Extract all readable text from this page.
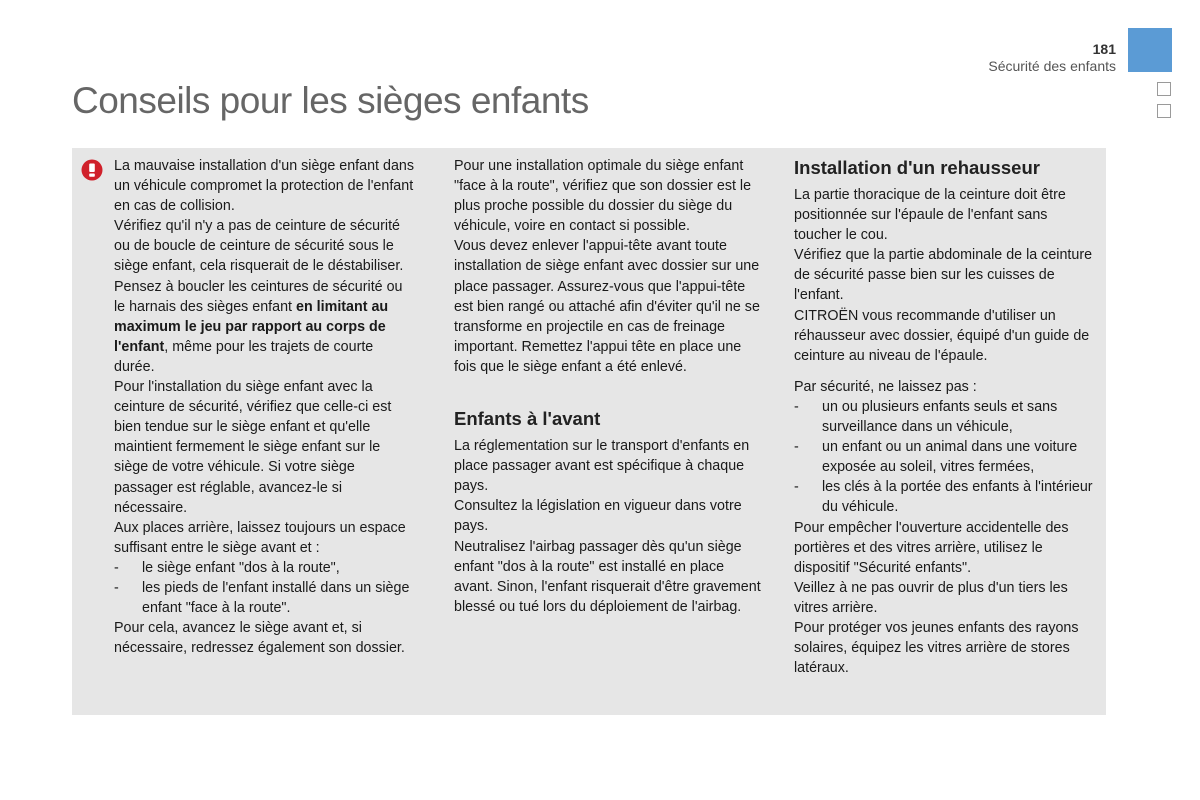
181
Sécurité des enfants
Conseils pour les sièges enfants

La mauvaise installation d'un siège enfant dans un véhicule compromet la protection de l'enfant en cas de collision.

Vérifiez qu'il n'y a pas de ceinture de sécurité ou de boucle de ceinture de sécurité sous le siège enfant, cela risquerait de le déstabiliser.

Pensez à boucler les ceintures de sécurité ou le harnais des sièges enfant en limitant au maximum le jeu par rapport au corps de l'enfant, même pour les trajets de courte durée.

Pour l'installation du siège enfant avec la ceinture de sécurité, vérifiez que celle-ci est bien tendue sur le siège enfant et qu'elle maintient fermement le siège enfant sur le siège de votre véhicule. Si votre siège passager est réglable, avancez-le si nécessaire.

Aux places arrière, laissez toujours un espace suffisant entre le siège avant et :

- le siège enfant "dos à la route",
- les pieds de l'enfant installé dans un siège enfant "face à la route".

Pour cela, avancez le siège avant et, si nécessaire, redressez également son dossier.

Pour une installation optimale du siège enfant "face à la route", vérifiez que son dossier est le plus proche possible du dossier du siège du véhicule, voire en contact si possible.

Vous devez enlever l'appui-tête avant toute installation de siège enfant avec dossier sur une place passager. Assurez-vous que l'appui-tête est bien rangé ou attaché afin d'éviter qu'il ne se transforme en projectile en cas de freinage important. Remettez l'appui tête en place une fois que le siège enfant a été enlevé.

Enfants à l'avant

La réglementation sur le transport d'enfants en place passager avant est spécifique à chaque pays.

Consultez la législation en vigueur dans votre pays.

Neutralisez l'airbag passager dès qu'un siège enfant "dos à la route" est installé en place avant. Sinon, l'enfant risquerait d'être gravement blessé ou tué lors du déploiement de l'airbag.

Installation d'un rehausseur

La partie thoracique de la ceinture doit être positionnée sur l'épaule de l'enfant sans toucher le cou.

Vérifiez que la partie abdominale de la ceinture de sécurité passe bien sur les cuisses de l'enfant.

CITROËN vous recommande d'utiliser un réhausseur avec dossier, équipé d'un guide de ceinture au niveau de l'épaule.

Par sécurité, ne laissez pas :

- un ou plusieurs enfants seuls et sans surveillance dans un véhicule,
- un enfant ou un animal dans une voiture exposée au soleil, vitres fermées,
- les clés à la portée des enfants à l'intérieur du véhicule.

Pour empêcher l'ouverture accidentelle des portières et des vitres arrière, utilisez le dispositif "Sécurité enfants".

Veillez à ne pas ouvrir de plus d'un tiers les vitres arrière.

Pour protéger vos jeunes enfants des rayons solaires, équipez les vitres arrière de stores latéraux.
